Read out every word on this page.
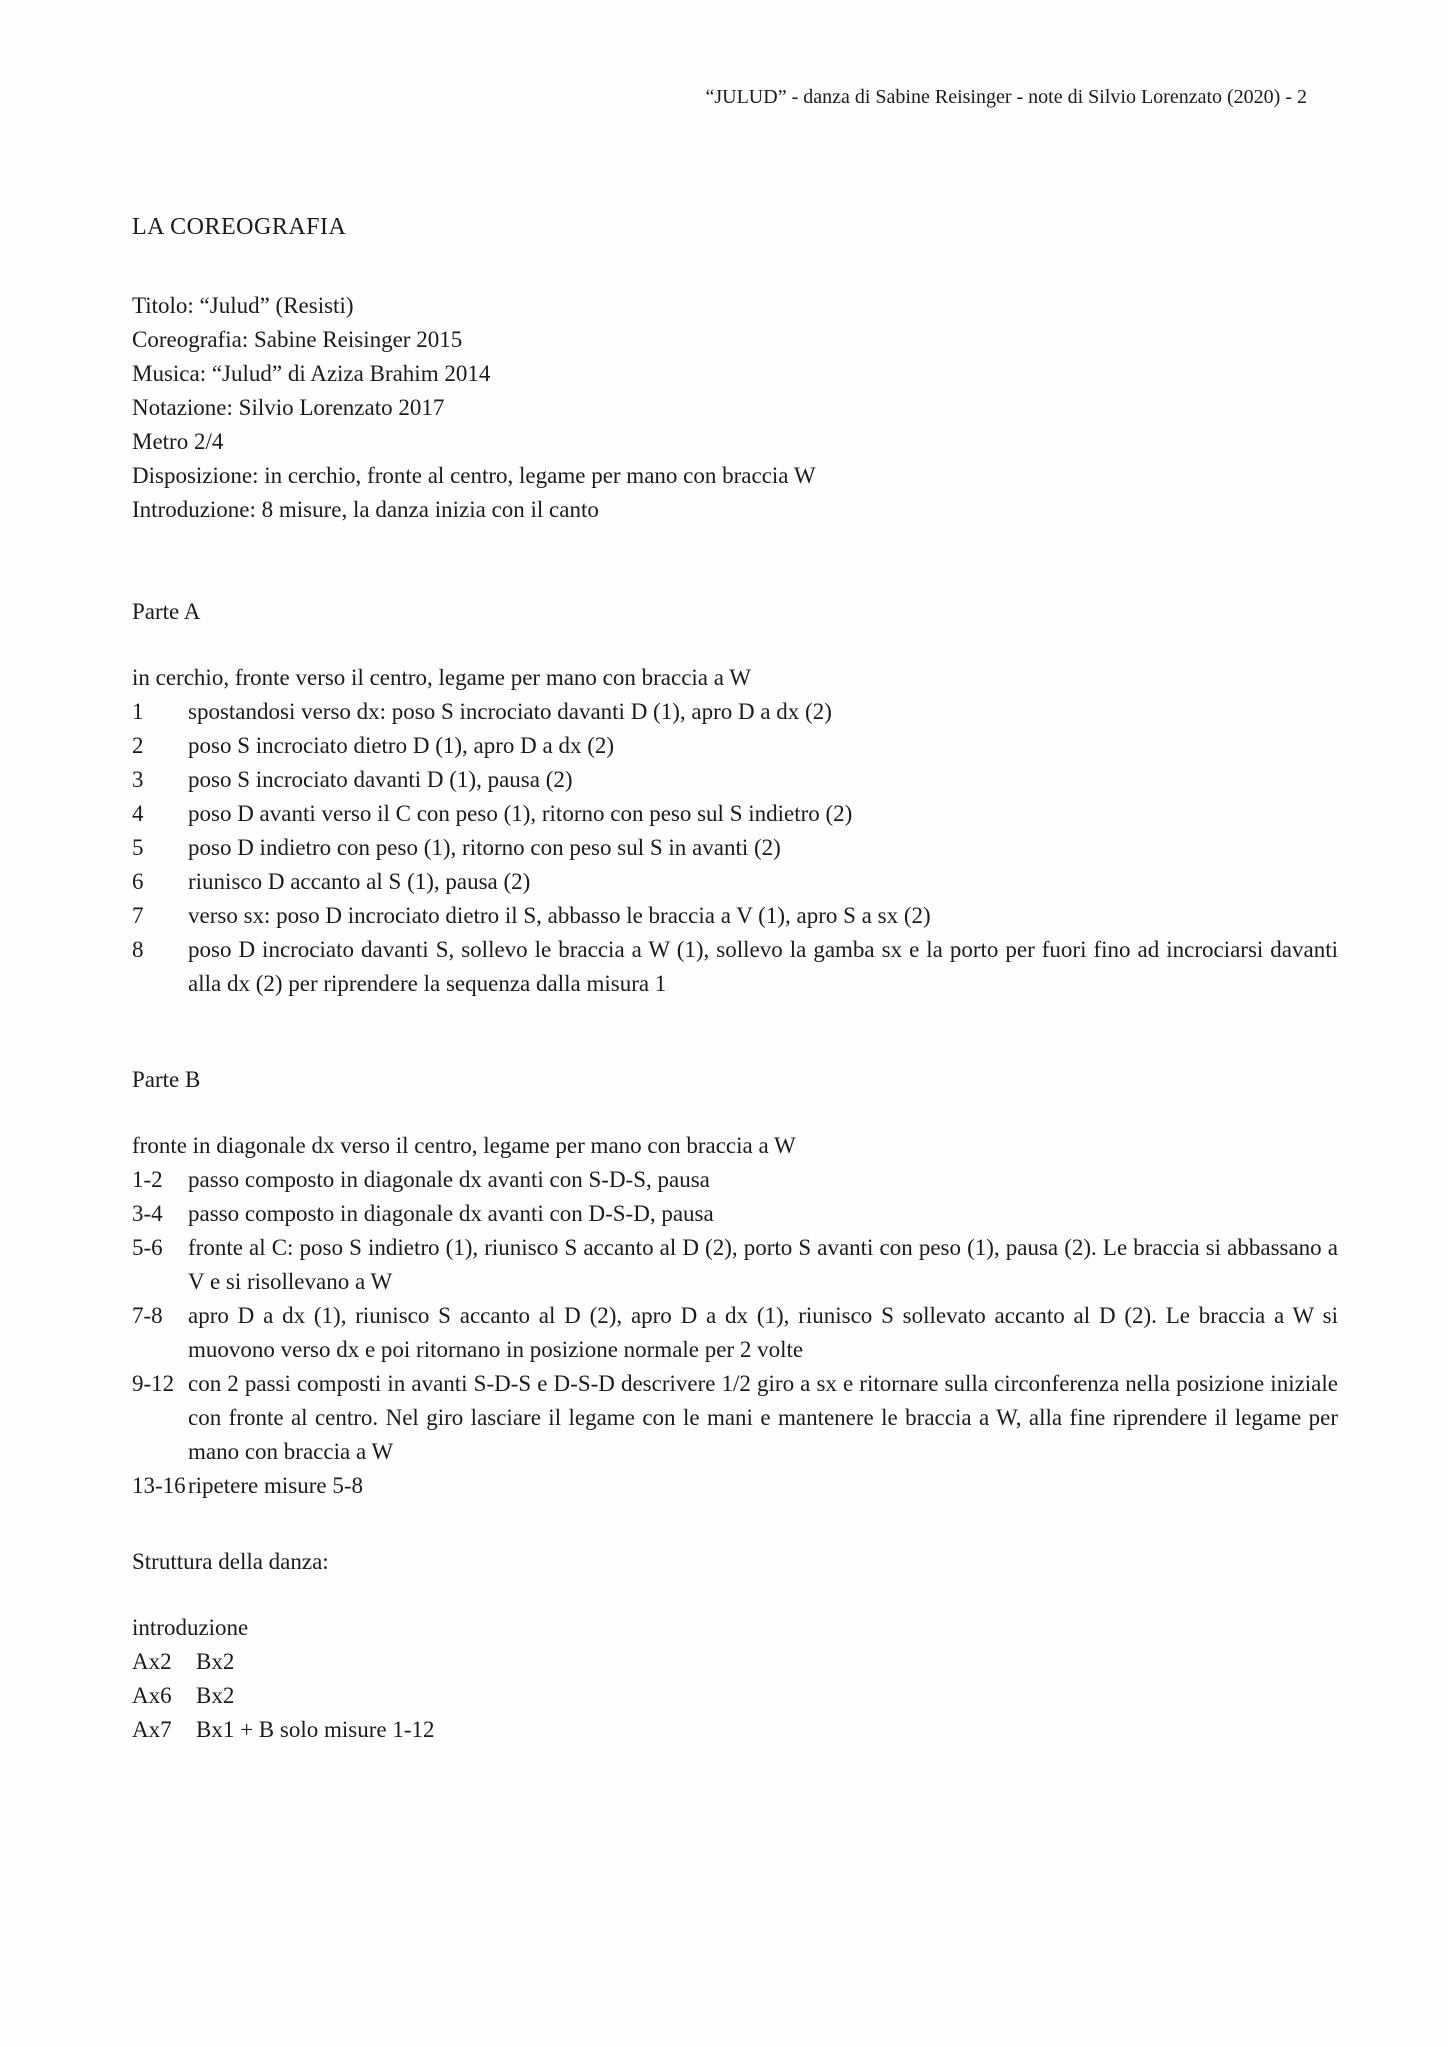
“JULUD” - danza di Sabine Reisinger - note di Silvio Lorenzato (2020) - 2
LA COREOGRAFIA
Titolo: “Julud” (Resisti)
Coreografia: Sabine Reisinger 2015
Musica: “Julud” di Aziza Brahim 2014
Notazione: Silvio Lorenzato 2017
Metro 2/4
Disposizione: in cerchio, fronte al centro, legame per mano con braccia W
Introduzione: 8 misure, la danza inizia con il canto
Parte A
in cerchio, fronte verso il centro, legame per mano con braccia a W
1	spostandosi verso dx: poso S incrociato davanti D (1), apro D a dx (2)
2	poso S incrociato dietro D (1), apro D a dx (2)
3	poso S incrociato davanti D (1), pausa (2)
4	poso D avanti verso il C con peso (1), ritorno con peso sul S indietro (2)
5	poso D indietro con peso (1), ritorno con peso sul S in avanti (2)
6	riunisco D accanto al S (1), pausa (2)
7	verso sx: poso D incrociato dietro il S, abbasso le braccia a V (1), apro S a sx (2)
8	poso D incrociato davanti S, sollevo le braccia a W (1), sollevo la gamba sx e la porto per fuori fino ad incrociarsi davanti alla dx (2) per riprendere la sequenza dalla misura 1
Parte B
fronte in diagonale dx verso il centro, legame per mano con braccia a W
1-2	passo composto in diagonale dx avanti con S-D-S, pausa
3-4	passo composto in diagonale dx avanti con D-S-D, pausa
5-6	fronte al C: poso S indietro (1), riunisco S accanto al D (2), porto S avanti con peso (1), pausa (2). Le braccia si abbassano a V e si risollevano a W
7-8	apro D a dx (1), riunisco S accanto al D (2), apro D a dx (1), riunisco S sollevato accanto al D (2). Le braccia a W si muovono verso dx e poi ritornano in posizione normale per 2 volte
9-12 con 2 passi composti in avanti S-D-S e D-S-D descrivere 1/2 giro a sx e ritornare sulla circonferenza nella posizione iniziale con fronte al centro. Nel giro lasciare il legame con le mani e mantenere le braccia a W, alla fine riprendere il legame per mano con braccia a W
13-16 ripetere misure 5-8
Struttura della danza:
introduzione
Ax2	Bx2
Ax6	Bx2
Ax7	Bx1 + B solo misure 1-12
